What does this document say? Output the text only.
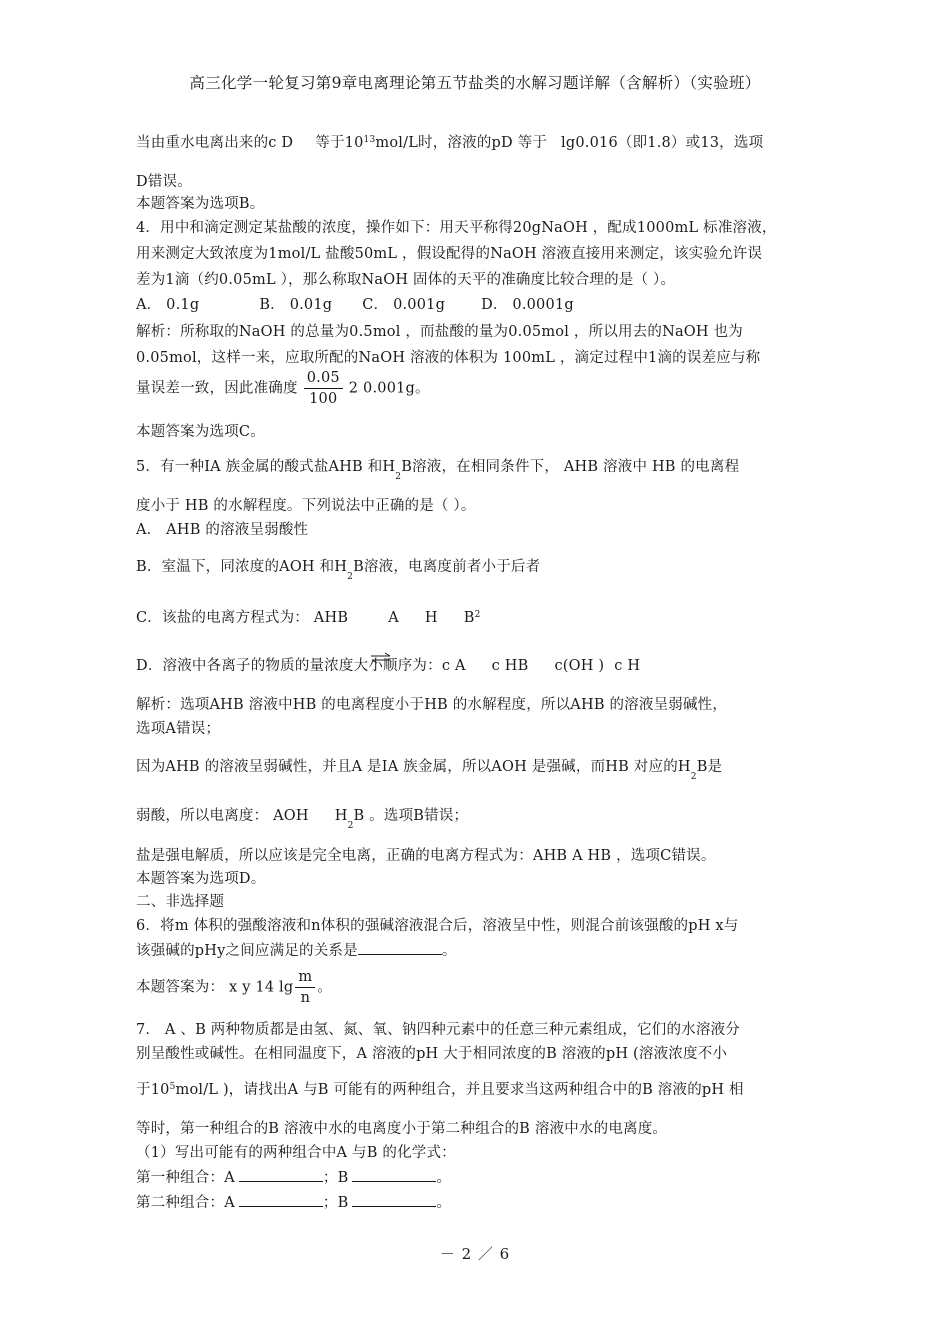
高三化学一轮复习第9章电离理论第五节盐类的水解习题详解（含解析）（实验班）
当由重水电离出来的c D 等于$10^{13}mol/L$时，溶液的pD 等于 lg0.016（即1.8）或13，选项
D错误。
本题答案为选项B。
4．用中和滴定测定某盐酸的浓度，操作如下：用天平称得20gNaOH ，配成1000mL 标准溶液，
用来测定大致浓度为1mol/L 盐酸50mL ，假设配得的NaOH 溶液直接用来测定，该实验允许误
差为1滴（约0.05mL ），那么称取NaOH 固体的天平的准确度比较合理的是（ ）。
A． 0.1g	B． 0.01g C． 0.001g D． 0.0001g
解析：所称取的NaOH 的总量为0.5mol ，而盐酸的量为0.05mol ，所以用去的NaOH 也为
0.05mol，这样一来，应取所配的NaOH 溶液的体积为 100mL ，滴定过程中1滴的误差应与称
量误差一致，因此准确度 $\frac{0.05}{100} 2$ 0.001g。
本题答案为选项C。
5．有一种ⅠA 族金属的酸式盐AHB 和$H_2B$溶液，在相同条件下， AHB 溶液中 HB 的电离程
度小于 HB 的水解程度。下列说法中正确的是（ ）。
A． AHB 的溶液呈弱酸性
B．室温下，同浓度的AOH 和$H_2B$溶液，电离度前者小于后者
C．该盐的电离方程式为： AHB	A H $B^2$
D．溶液中各离子的物质的量浓度大小顺序为：c A c HB c(OH ) c H
解析：选项AHB 溶液中HB 的电离程度小于HB 的水解程度，所以AHB 的溶液呈弱碱性，
选项A错误；
因为AHB 的溶液呈弱碱性，并且A 是ⅠA 族金属，所以AOH 是强碱，而HB 对应的$H_2B$是
弱酸，所以电离度： AOH $H_2B$ 。选项B错误；
盐是强电解质，所以应该是完全电离，正确的电离方程式为：AHB A HB ，选项C错误。
本题答案为选项D。
二、非选择题
6．将m 体积的强酸溶液和n体积的强碱溶液混合后，溶液呈中性，则混合前该强酸的pH x与
该强碱的pHy之间应满足的关系是	。
本题答案为： x y 14 $\lg \frac{m}{n}$ 。
7． A 、B 两种物质都是由氢、氮、氧、钠四种元素中的任意三种元素组成，它们的水溶液分
别呈酸性或碱性。在相同温度下，A 溶液的pH 大于相同浓度的B 溶液的pH (溶液浓度不小
于$10^5mol/L$ )，请找出A 与B 可能有的两种组合，并且要求当这两种组合中的B 溶液的pH 相
等时，第一种组合的B 溶液中水的电离度小于第二种组合的B 溶液中水的电离度。
（1）写出可能有的两种组合中A 与B 的化学式：
第一种组合：A	；B	。
第二种组合：A	；B	。
－ 2 ／ 6
